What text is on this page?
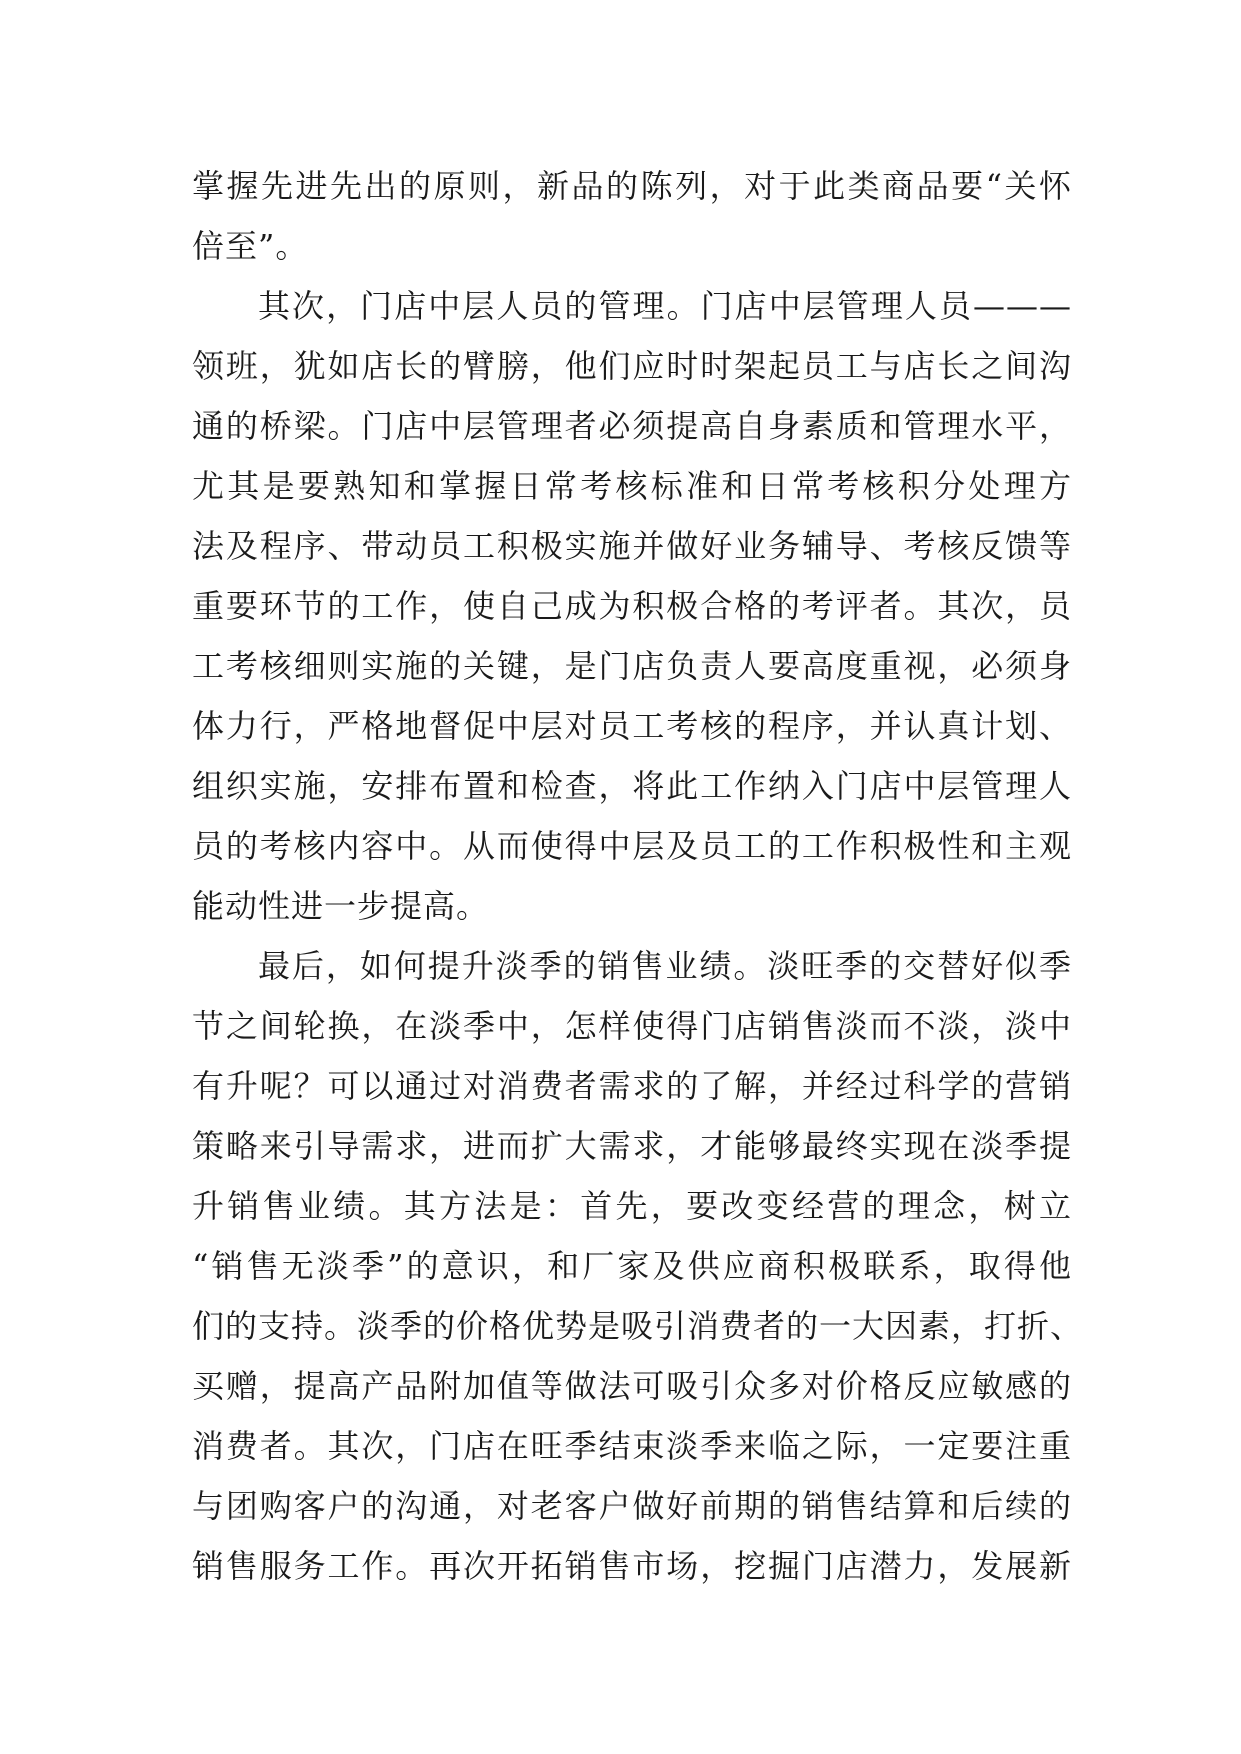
掌握先进先出的原则，新品的陈列，对于此类商品要“关怀
倍至”。
其次，门店中层人员的管理。门店中层管理人员———
领班，犹如店长的臂膀，他们应时时架起员工与店长之间沟
通的桥梁。门店中层管理者必须提高自身素质和管理水平，
尤其是要熟知和掌握日常考核标准和日常考核积分处理方
法及程序、带动员工积极实施并做好业务辅导、考核反馈等
重要环节的工作，使自己成为积极合格的考评者。其次，员
工考核细则实施的关键，是门店负责人要高度重视，必须身
体力行，严格地督促中层对员工考核的程序，并认真计划、
组织实施，安排布置和检查，将此工作纳入门店中层管理人
员的考核内容中。从而使得中层及员工的工作积极性和主观
能动性进一步提高。
最后，如何提升淡季的销售业绩。淡旺季的交替好似季
节之间轮换，在淡季中，怎样使得门店销售淡而不淡，淡中
有升呢？可以通过对消费者需求的了解，并经过科学的营销
策略来引导需求，进而扩大需求，才能够最终实现在淡季提
升销售业绩。其方法是：首先，要改变经营的理念，树立
“销售无淡季”的意识，和厂家及供应商积极联系，取得他
们的支持。淡季的价格优势是吸引消费者的一大因素，打折、
买赠，提高产品附加值等做法可吸引众多对价格反应敏感的
消费者。其次，门店在旺季结束淡季来临之际，一定要注重
与团购客户的沟通，对老客户做好前期的销售结算和后续的
销售服务工作。再次开拓销售市场，挖掘门店潜力，发展新
